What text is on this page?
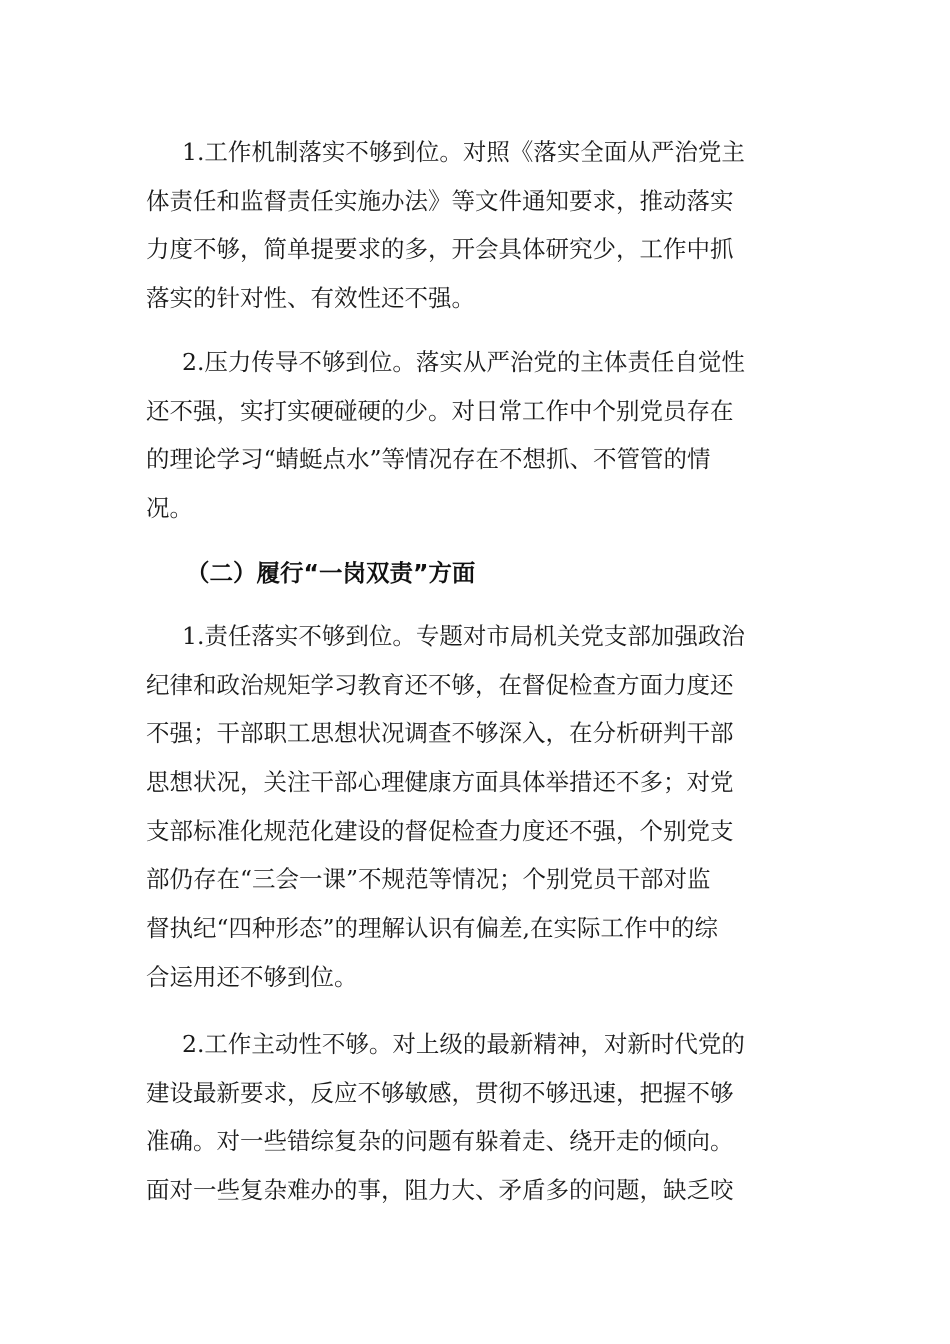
1.工作机制落实不够到位。对照《落实全面从严治党主
体责任和监督责任实施办法》等文件通知要求，推动落实
力度不够，简单提要求的多，开会具体研究少，工作中抓
落实的针对性、有效性还不强。
2.压力传导不够到位。落实从严治党的主体责任自觉性
还不强，实打实硬碰硬的少。对日常工作中个别党员存在
的理论学习“蜻蜓点水”等情况存在不想抓、不管管的情
况。
（二）履行“一岗双责”方面
1.责任落实不够到位。专题对市局机关党支部加强政治
纪律和政治规矩学习教育还不够，在督促检查方面力度还
不强；干部职工思想状况调查不够深入，在分析研判干部
思想状况，关注干部心理健康方面具体举措还不多；对党
支部标准化规范化建设的督促检查力度还不强，个别党支
部仍存在“三会一课”不规范等情况；个别党员干部对监
督执纪“四种形态”的理解认识有偏差,在实际工作中的综
合运用还不够到位。
2.工作主动性不够。对上级的最新精神，对新时代党的
建设最新要求，反应不够敏感，贯彻不够迅速，把握不够
准确。对一些错综复杂的问题有躲着走、绕开走的倾向。
面对一些复杂难办的事，阻力大、矛盾多的问题，缺乏咬
